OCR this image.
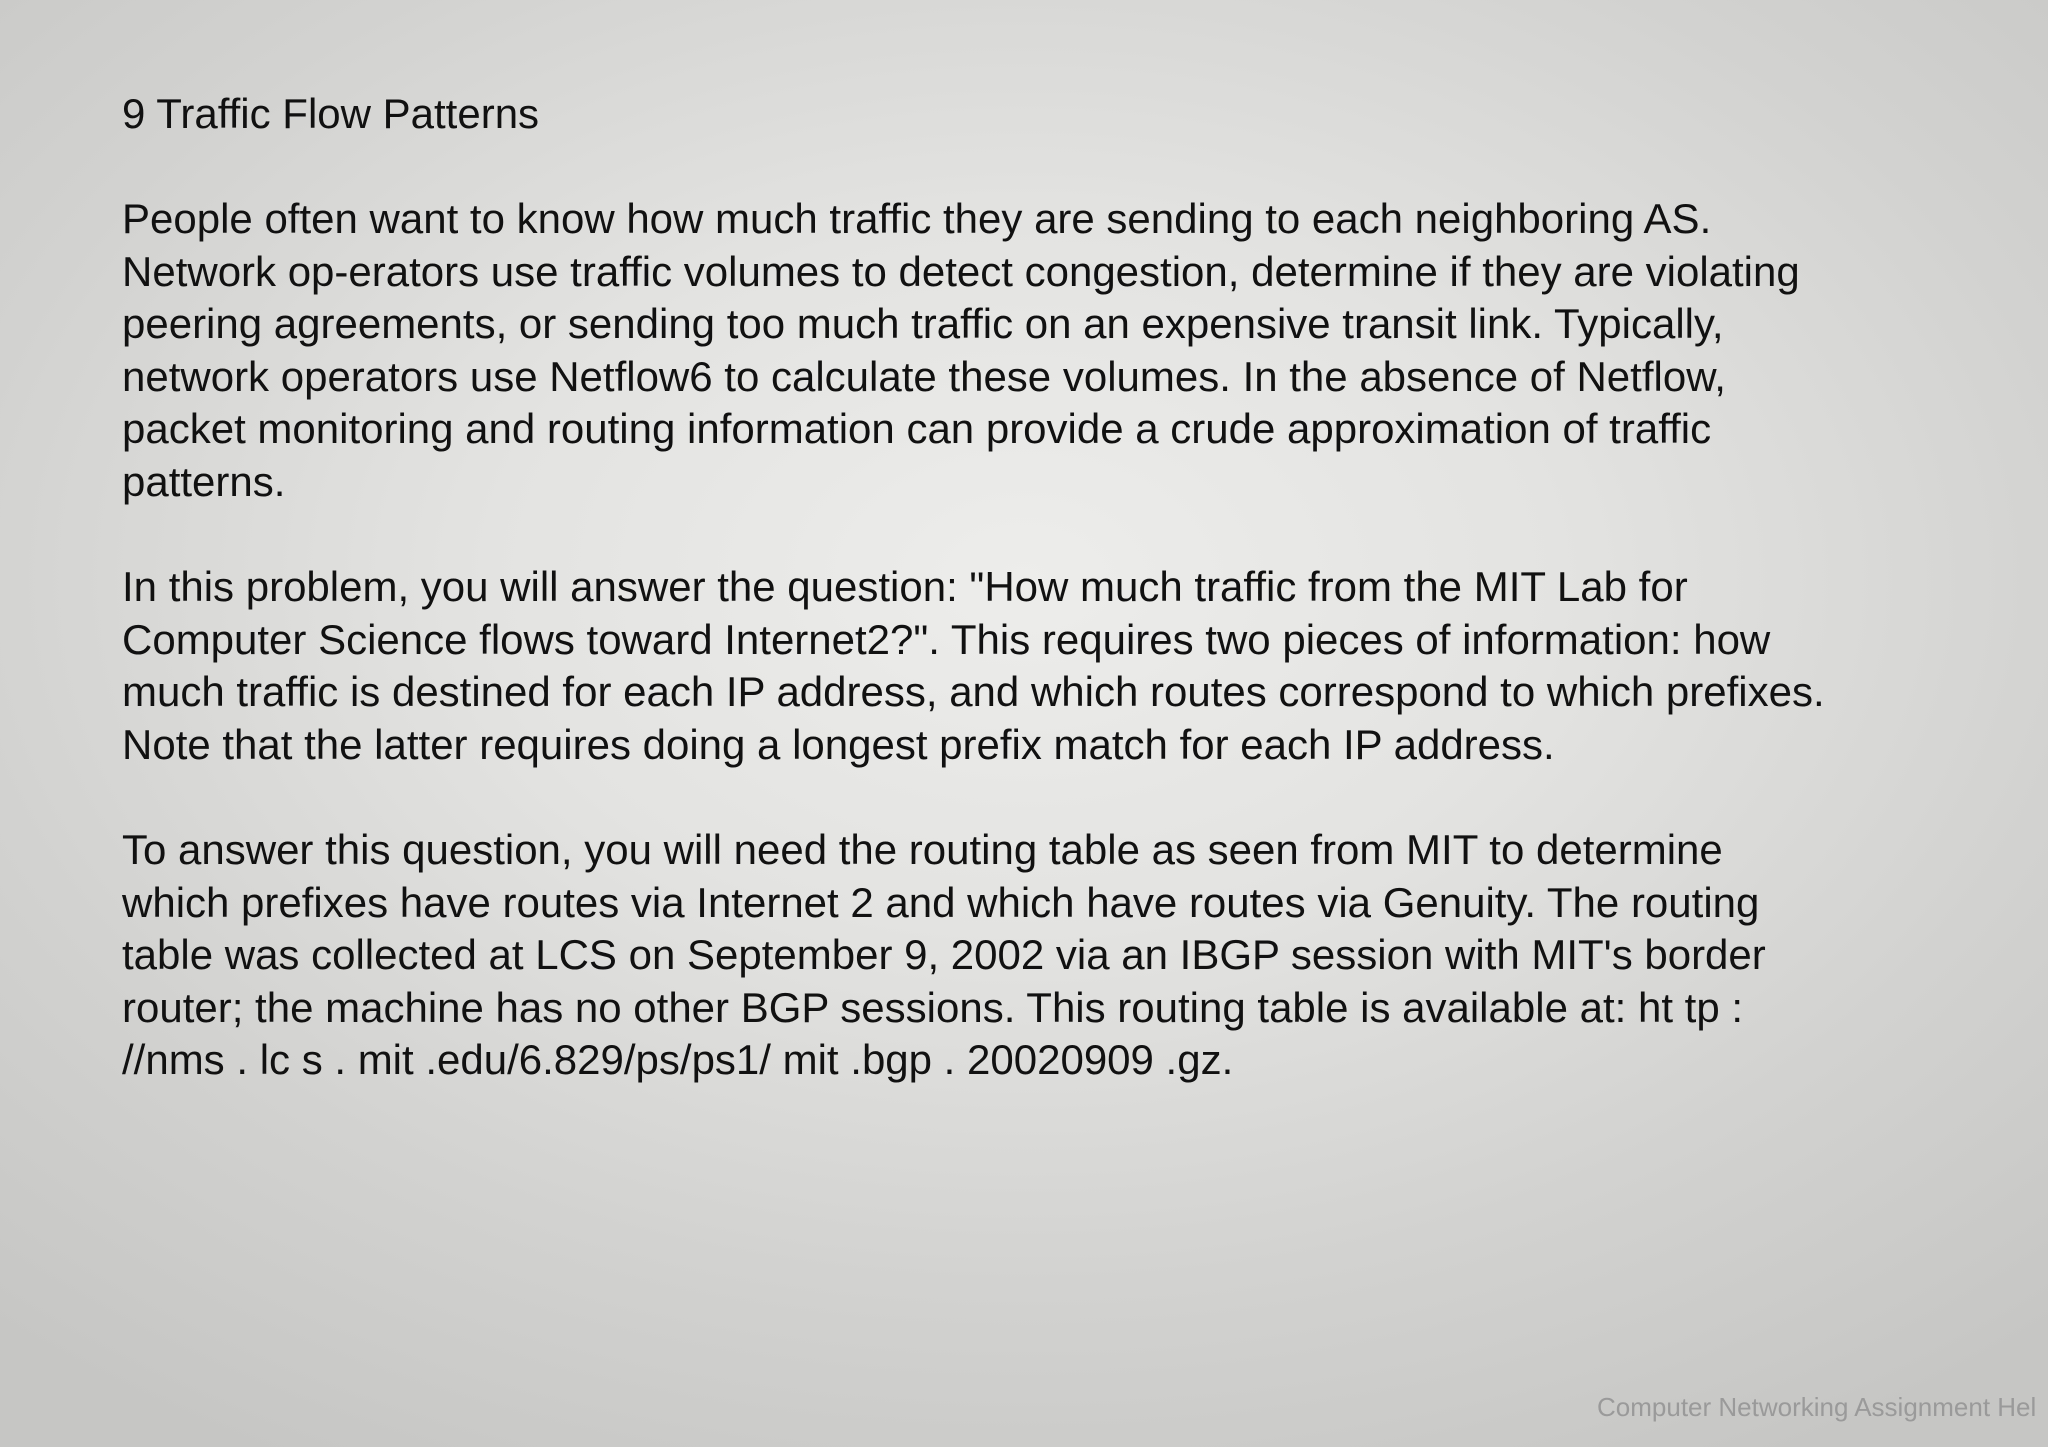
9 Traffic Flow Patterns
People often want to know how much traffic they are sending to each neighboring AS.
Network op-erators use traffic volumes to detect congestion, determine if they are violating
peering agreements, or sending too much traffic on an expensive transit link. Typically,
network operators use Netflow6 to calculate these volumes. In the absence of Netflow,
packet monitoring and routing information can provide a crude approximation of traffic
patterns.
In this problem, you will answer the question: "How much traffic from the MIT Lab for
Computer Science flows toward Internet2?". This requires two pieces of information: how
much traffic is destined for each IP address, and which routes correspond to which prefixes.
Note that the latter requires doing a longest prefix match for each IP address.
To answer this question, you will need the routing table as seen from MIT to determine
which prefixes have routes via Internet 2 and which have routes via Genuity. The routing
table was collected at LCS on September 9, 2002 via an IBGP session with MIT's border
router; the machine has no other BGP sessions. This routing table is available at: ht tp :
//nms . lc s . mit .edu/6.829/ps/ps1/ mit .bgp . 20020909 .gz.
Computer Networking Assignment Hel
